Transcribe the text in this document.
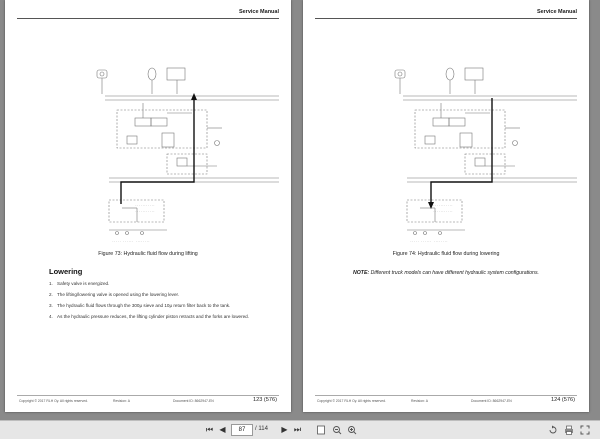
Service Manual
...........
...........
..... ...... ........
Figure 73: Hydraulic fluid flow during lifting
Lowering
1. Safety valve is energized.
2. The lifting/lowering valve is opened using the lowering lever.
3. The hydraulic fluid flows through the 300μ sieve and 10μ return filter back to the tank.
4. As the hydraulic pressure reduces, the lifting cylinder piston retracts and the forks are lowered.
Copyright © 2017 RLH Oy. All rights reserved.	Revision: A	Document ID: 8662947-EN	123 (576)
Service Manual
...........
...........
..... ...... ........
Figure 74: Hydraulic fluid flow during lowering
NOTE: Different truck models can have different hydraulic system configurations.
Copyright © 2017 RLH Oy. All rights reserved.	Revision: A	Document ID: 8662947-EN	124 (576)
⏮ ◀
87	/ 114	▶ ⏭
